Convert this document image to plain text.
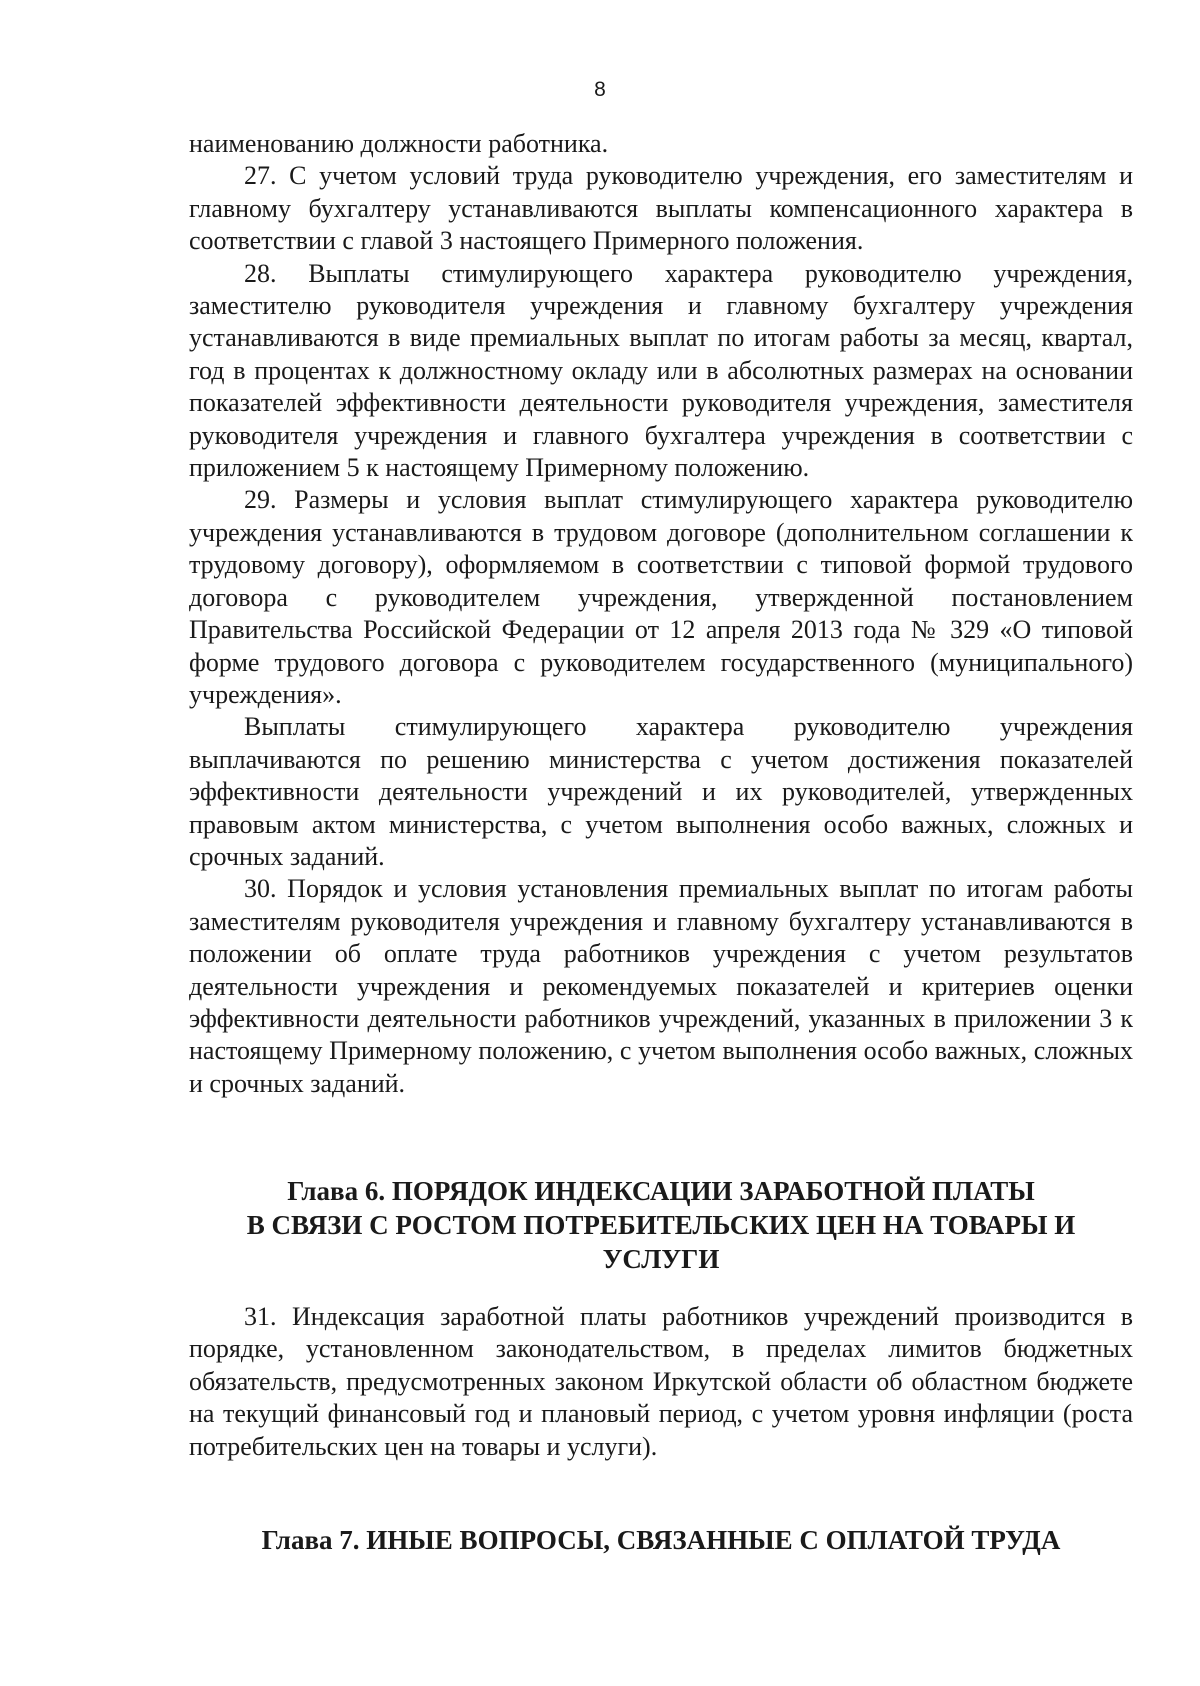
8

наименованию должности работника.

27. С учетом условий труда руководителю учреждения, его заместителям и главному бухгалтеру устанавливаются выплаты компенсационного характера в соответствии с главой 3 настоящего Примерного положения.

28. Выплаты стимулирующего характера руководителю учреждения, заместителю руководителя учреждения и главному бухгалтеру учреждения устанавливаются в виде премиальных выплат по итогам работы за месяц, квартал, год в процентах к должностному окладу или в абсолютных размерах на основании показателей эффективности деятельности руководителя учреждения, заместителя руководителя учреждения и главного бухгалтера учреждения в соответствии с приложением 5 к настоящему Примерному положению.

29. Размеры и условия выплат стимулирующего характера руководителю учреждения устанавливаются в трудовом договоре (дополнительном соглашении к трудовому договору), оформляемом в соответствии с типовой формой трудового договора с руководителем учреждения, утвержденной постановлением Правительства Российской Федерации от 12 апреля 2013 года № 329 «О типовой форме трудового договора с руководителем государственного (муниципального) учреждения».

Выплаты стимулирующего характера руководителю учреждения выплачиваются по решению министерства с учетом достижения показателей эффективности деятельности учреждений и их руководителей, утвержденных правовым актом министерства, с учетом выполнения особо важных, сложных и срочных заданий.

30. Порядок и условия установления премиальных выплат по итогам работы заместителям руководителя учреждения и главному бухгалтеру устанавливаются в положении об оплате труда работников учреждения с учетом результатов деятельности учреждения и рекомендуемых показателей и критериев оценки эффективности деятельности работников учреждений, указанных в приложении 3 к настоящему Примерному положению, с учетом выполнения особо важных, сложных и срочных заданий.

Глава 6. ПОРЯДОК ИНДЕКСАЦИИ ЗАРАБОТНОЙ ПЛАТЫ
В СВЯЗИ С РОСТОМ ПОТРЕБИТЕЛЬСКИХ ЦЕН НА ТОВАРЫ И
УСЛУГИ

31. Индексация заработной платы работников учреждений производится в порядке, установленном законодательством, в пределах лимитов бюджетных обязательств, предусмотренных законом Иркутской области об областном бюджете на текущий финансовый год и плановый период, с учетом уровня инфляции (роста потребительских цен на товары и услуги).

Глава 7. ИНЫЕ ВОПРОСЫ, СВЯЗАННЫЕ С ОПЛАТОЙ ТРУДА
